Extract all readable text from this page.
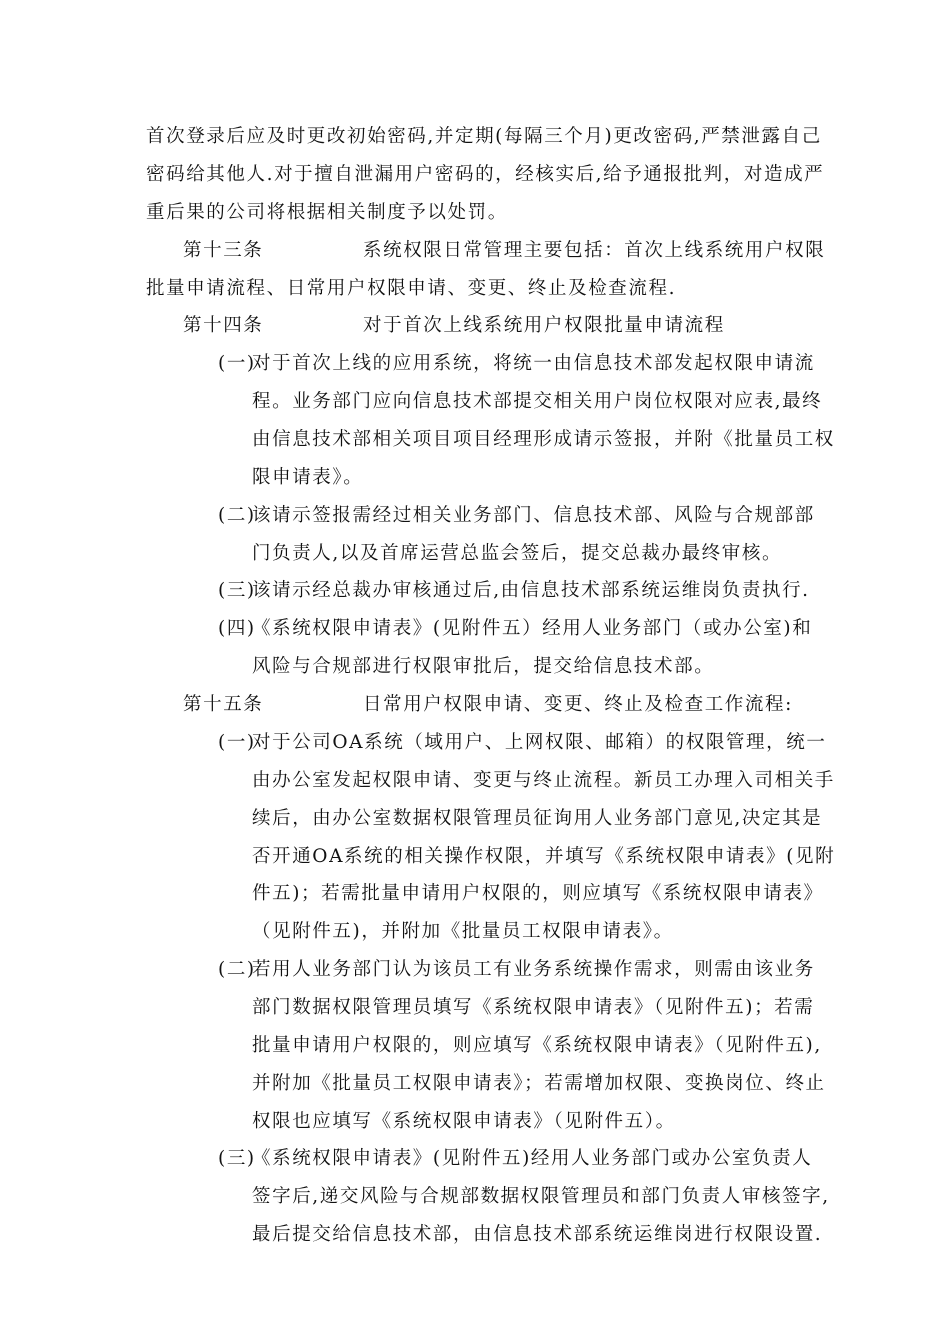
首次登录后应及时更改初始密码,并定期(每隔三个月)更改密码,严禁泄露自己
密码给其他人.对于擅自泄漏用户密码的，经核实后,给予通报批判，对造成严
重后果的公司将根据相关制度予以处罚。
第十三条	系统权限日常管理主要包括：首次上线系统用户权限
批量申请流程、日常用户权限申请、变更、终止及检查流程.
第十四条	对于首次上线系统用户权限批量申请流程
(一)
对于首次上线的应用系统，将统一由信息技术部发起权限申请流
程。业务部门应向信息技术部提交相关用户岗位权限对应表,最终
由信息技术部相关项目项目经理形成请示签报，并附《批量员工权
限申请表》。
(二)
该请示签报需经过相关业务部门、信息技术部、风险与合规部部
门负责人,以及首席运营总监会签后，提交总裁办最终审核。
(三)
该请示经总裁办审核通过后,由信息技术部系统运维岗负责执行.
(四)
《系统权限申请表》(见附件五）经用人业务部门（或办公室)和
风险与合规部进行权限审批后，提交给信息技术部。
第十五条	日常用户权限申请、变更、终止及检查工作流程:
(一)
对于公司OA系统（域用户、上网权限、邮箱）的权限管理，统一
由办公室发起权限申请、变更与终止流程。新员工办理入司相关手
续后，由办公室数据权限管理员征询用人业务部门意见,决定其是
否开通OA系统的相关操作权限，并填写《系统权限申请表》(见附
件五)；若需批量申请用户权限的，则应填写《系统权限申请表》
（见附件五)，并附加《批量员工权限申请表》。
(二)
若用人业务部门认为该员工有业务系统操作需求，则需由该业务
部门数据权限管理员填写《系统权限申请表》（见附件五)；若需
批量申请用户权限的，则应填写《系统权限申请表》（见附件五),
并附加《批量员工权限申请表》；若需增加权限、变换岗位、终止
权限也应填写《系统权限申请表》（见附件五）。
(三)
《系统权限申请表》(见附件五)经用人业务部门或办公室负责人
签字后,递交风险与合规部数据权限管理员和部门负责人审核签字,
最后提交给信息技术部，由信息技术部系统运维岗进行权限设置.
